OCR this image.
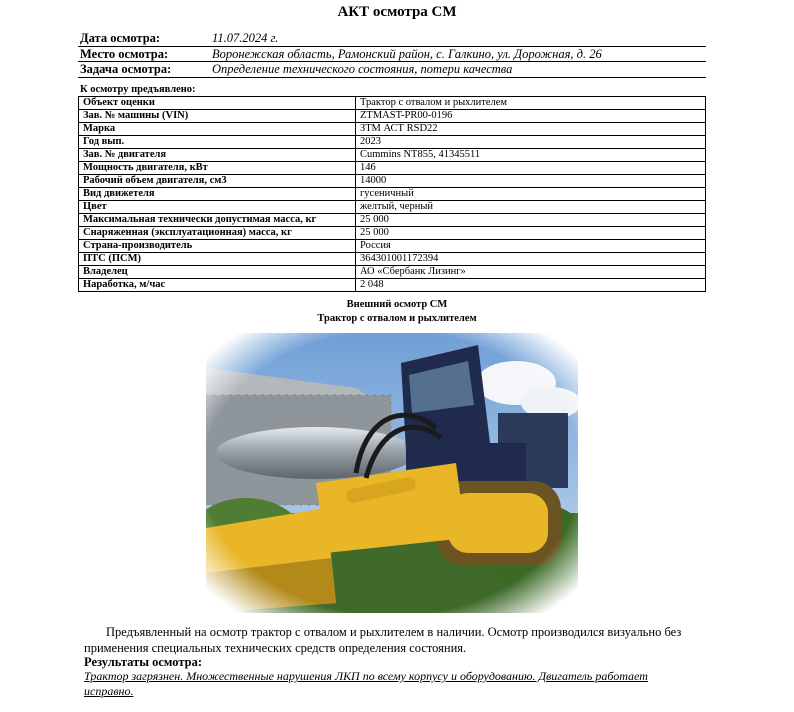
АКТ осмотра СМ
Дата осмотра:	11.07.2024 г.
Место осмотра:	Воронежская область, Рамонский район, с. Галкино, ул. Дорожная, д. 26
Задача осмотра:	Определение технического состояния, потери качества
К осмотру предъявлено:
Объект оценки	Трактор с отвалом и рыхлителем
Зав. № машины (VIN)	ZTMAST-PR00-0196
Марка	ЗТМ АСТ RSD22
Год вып.	2023
Зав. № двигателя	Cummins NT855, 41345511
Мощность двигателя, кВт	146
Рабочий объем двигателя, см3	14000
Вид движетеля	гусеничный
Цвет	желтый, черный
Максимальная технически допустимая масса, кг	25 000
Снаряженная (эксплуатационная) масса, кг	25 000
Страна-производитель	Россия
ПТС (ПСМ)	364301001172394
Владелец	АО «Сбербанк Лизинг»
Наработка, м/час	2 048
Внешний осмотр СМ
Трактор с отвалом и рыхлителем
Предъявленный на осмотр трактор с отвалом и рыхлителем в наличии. Осмотр производился визуально без применения специальных технических средств определения состояния.
Результаты осмотра:
Трактор загрязнен. Множественные нарушения ЛКП по всему корпусу и оборудованию. Двигатель работает исправно.
